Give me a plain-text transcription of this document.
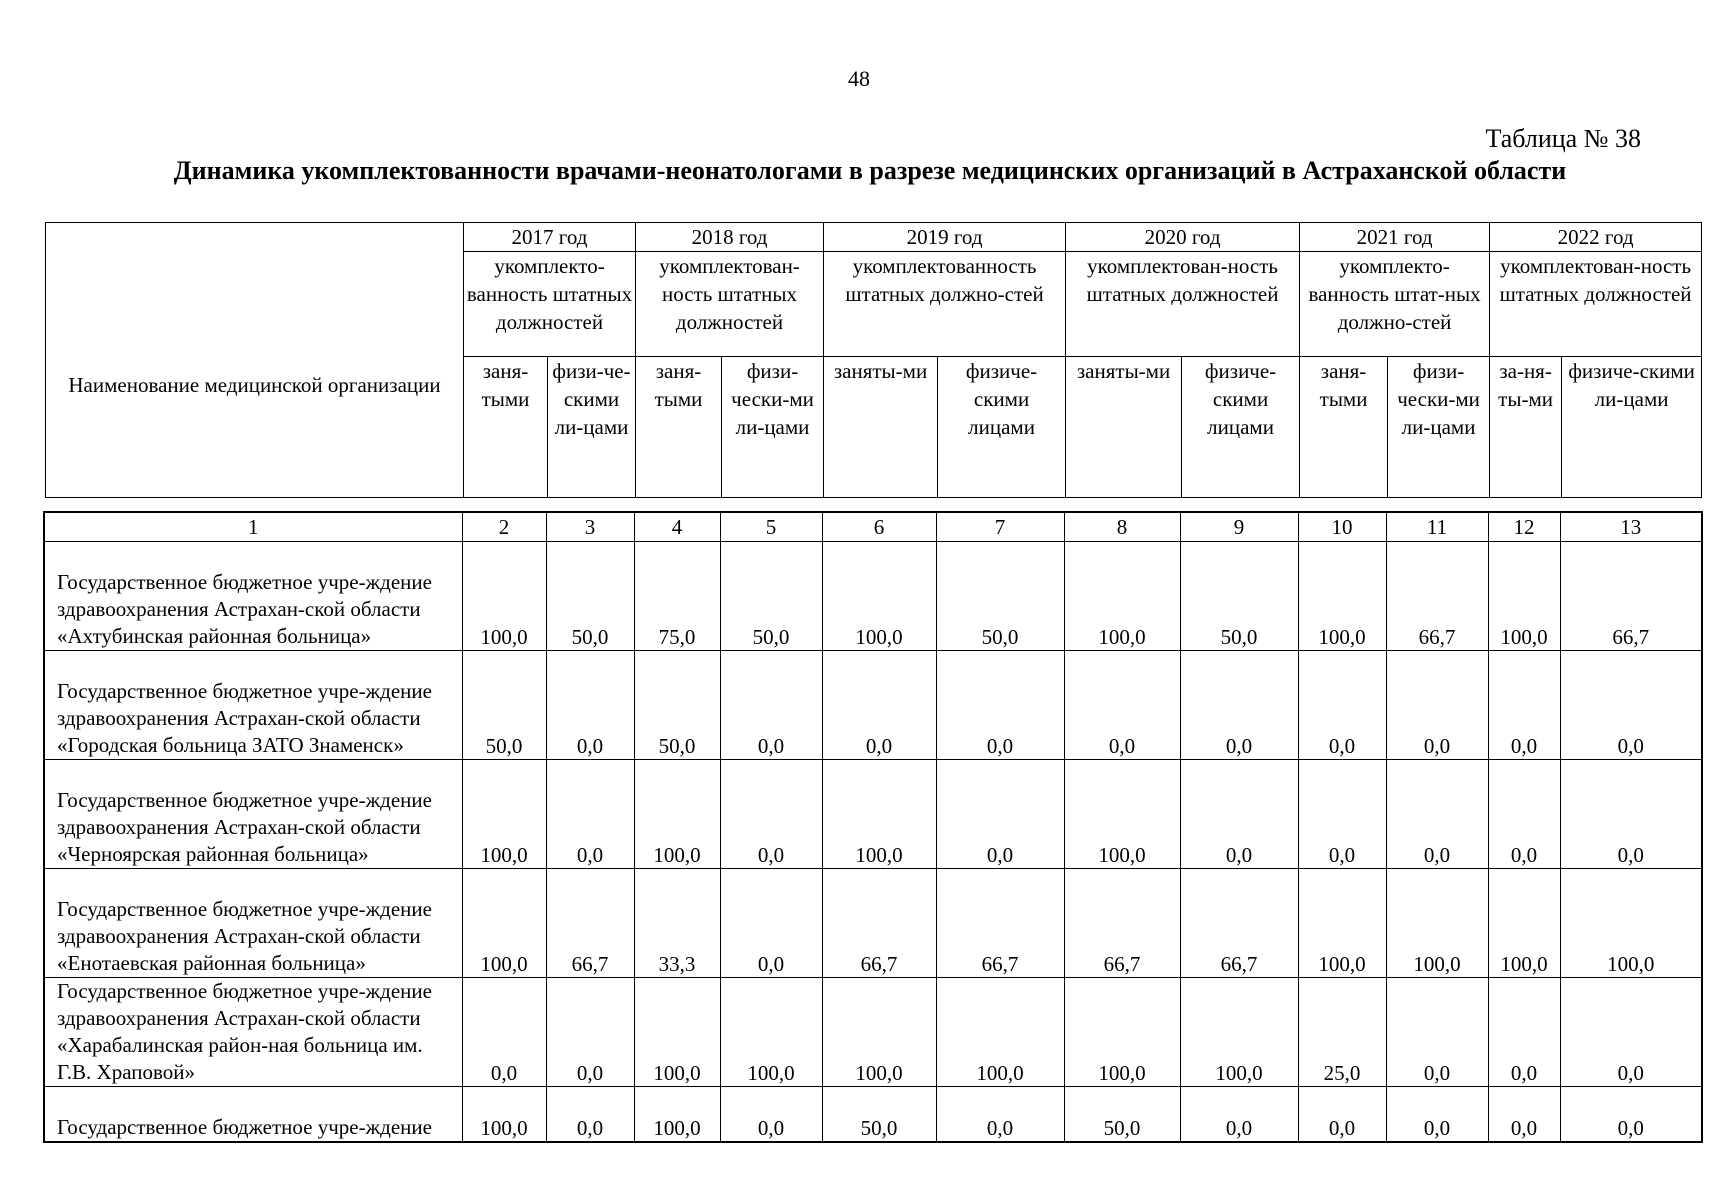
48
Таблица № 38
Динамика укомплектованности врачами-неонатологами в разрезе медицинских организаций в Астраханской области
Наименование медицинской организации	2017 год		2018 год		2019 год		2020 год		2021 год		2022 год	
	укомплекто-ванность штатных должностей		укомплектован-ность штатных должностей		укомплектованность штатных должно-стей		укомплектован-ность штатных должностей		укомплекто-ванность штат-ных должно-стей		укомплектован-ность штатных должностей	
	заня-тыми	физи-че-скими ли-цами	заня-тыми	физи-чески-ми ли-цами	заняты-ми	физиче-скими лицами	заняты-ми	физиче-скими лицами	заня-тыми	физи-чески-ми ли-цами	за-ня-ты-ми	физиче-скими ли-цами
1	2	3	4	5	6	7	8	9	10	11	12	13
Государственное бюджетное учре-ждение здравоохранения Астрахан-ской области «Ахтубинская районная больница»	100,0	50,0	75,0	50,0	100,0	50,0	100,0	50,0	100,0	66,7	100,0	66,7
Государственное бюджетное учре-ждение здравоохранения Астрахан-ской области «Городская больница ЗАТО Знаменск»	50,0	0,0	50,0	0,0	0,0	0,0	0,0	0,0	0,0	0,0	0,0	0,0
Государственное бюджетное учре-ждение здравоохранения Астрахан-ской области «Черноярская районная больница»	100,0	0,0	100,0	0,0	100,0	0,0	100,0	0,0	0,0	0,0	0,0	0,0
Государственное бюджетное учре-ждение здравоохранения Астрахан-ской области «Енотаевская районная больница»	100,0	66,7	33,3	0,0	66,7	66,7	66,7	66,7	100,0	100,0	100,0	100,0
Государственное бюджетное учре-ждение здравоохранения Астрахан-ской области «Харабалинская район-ная больница им. Г.В. Храповой»	0,0	0,0	100,0	100,0	100,0	100,0	100,0	100,0	25,0	0,0	0,0	0,0
Государственное бюджетное учре-ждение	100,0	0,0	100,0	0,0	50,0	0,0	50,0	0,0	0,0	0,0	0,0	0,0
